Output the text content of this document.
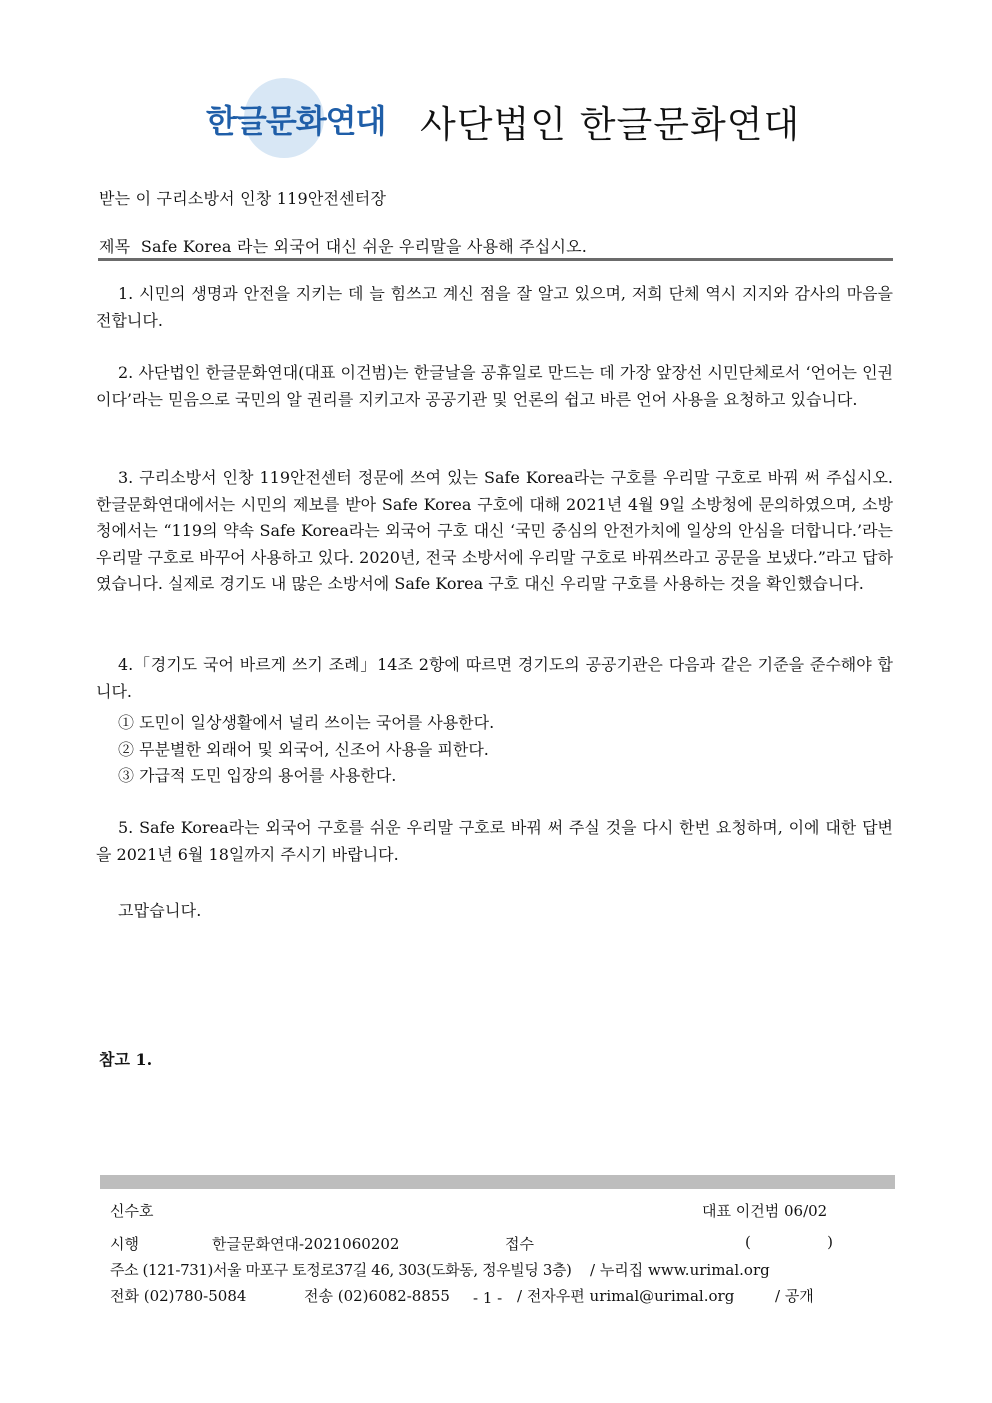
한글문화연대 사단법인 한글문화연대
받는 이 구리소방서 인창 119안전센터장
제목  Safe Korea 라는 외국어 대신 쉬운 우리말을 사용해 주십시오.

1. 시민의 생명과 안전을 지키는 데 늘 힘쓰고 계신 점을 잘 알고 있으며, 저희 단체 역시 지지와 감사의 마음을 전합니다.

2. 사단법인 한글문화연대(대표 이건범)는 한글날을 공휴일로 만드는 데 가장 앞장선 시민단체로서 ‘언어는 인권이다’라는 믿음으로 국민의 알 권리를 지키고자 공공기관 및 언론의 쉽고 바른 언어 사용을 요청하고 있습니다.

3. 구리소방서 인창 119안전센터 정문에 쓰여 있는 Safe Korea라는 구호를 우리말 구호로 바꿔 써 주십시오. 한글문화연대에서는 시민의 제보를 받아 Safe Korea 구호에 대해 2021년 4월 9일 소방청에 문의하였으며, 소방청에서는 “119의 약속 Safe Korea라는 외국어 구호 대신 ‘국민 중심의 안전가치에 일상의 안심을 더합니다.’라는 우리말 구호로 바꾸어 사용하고 있다. 2020년, 전국 소방서에 우리말 구호로 바꿔쓰라고 공문을 보냈다.”라고 답하였습니다. 실제로 경기도 내 많은 소방서에 Safe Korea 구호 대신 우리말 구호를 사용하는 것을 확인했습니다.

4.「경기도 국어 바르게 쓰기 조례」14조 2항에 따르면 경기도의 공공기관은 다음과 같은 기준을 준수해야 합니다.

① 도민이 일상생활에서 널리 쓰이는 국어를 사용한다.
② 무분별한 외래어 및 외국어, 신조어 사용을 피한다.
③ 가급적 도민 입장의 용어를 사용한다.

5. Safe Korea라는 외국어 구호를 쉬운 우리말 구호로 바꿔 써 주실 것을 다시 한번 요청하며, 이에 대한 답변을 2021년 6월 18일까지 주시기 바랍니다.

고맙습니다.
참고 1.
신수호	대표 이건범 06/02
시행	한글문화연대-2021060202	접수	(                )
주소 (121-731)서울 마포구 토정로37길 46, 303(도화동, 정우빌딩 3층) / 누리집 www.urimal.org
전화 (02)780-5084	전송 (02)6082-8855 - 1 - / 전자우편 urimal@urimal.org	/ 공개
